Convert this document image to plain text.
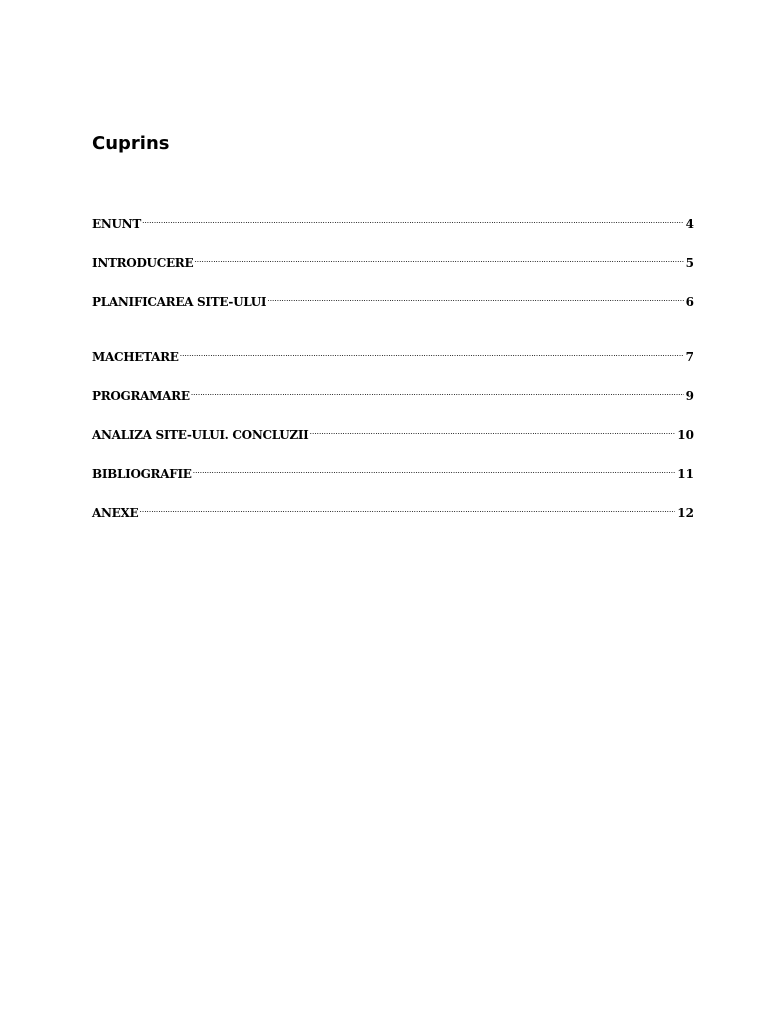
Cuprins
ENUNT .....	4
INTRODUCERE .....	5
PLANIFICAREA SITE-ULUI .....	6
MACHETARE .....	7
PROGRAMARE .....	9
ANALIZA SITE-ULUI. CONCLUZII .....	10
BIBLIOGRAFIE .....	11
ANEXE .....	12
